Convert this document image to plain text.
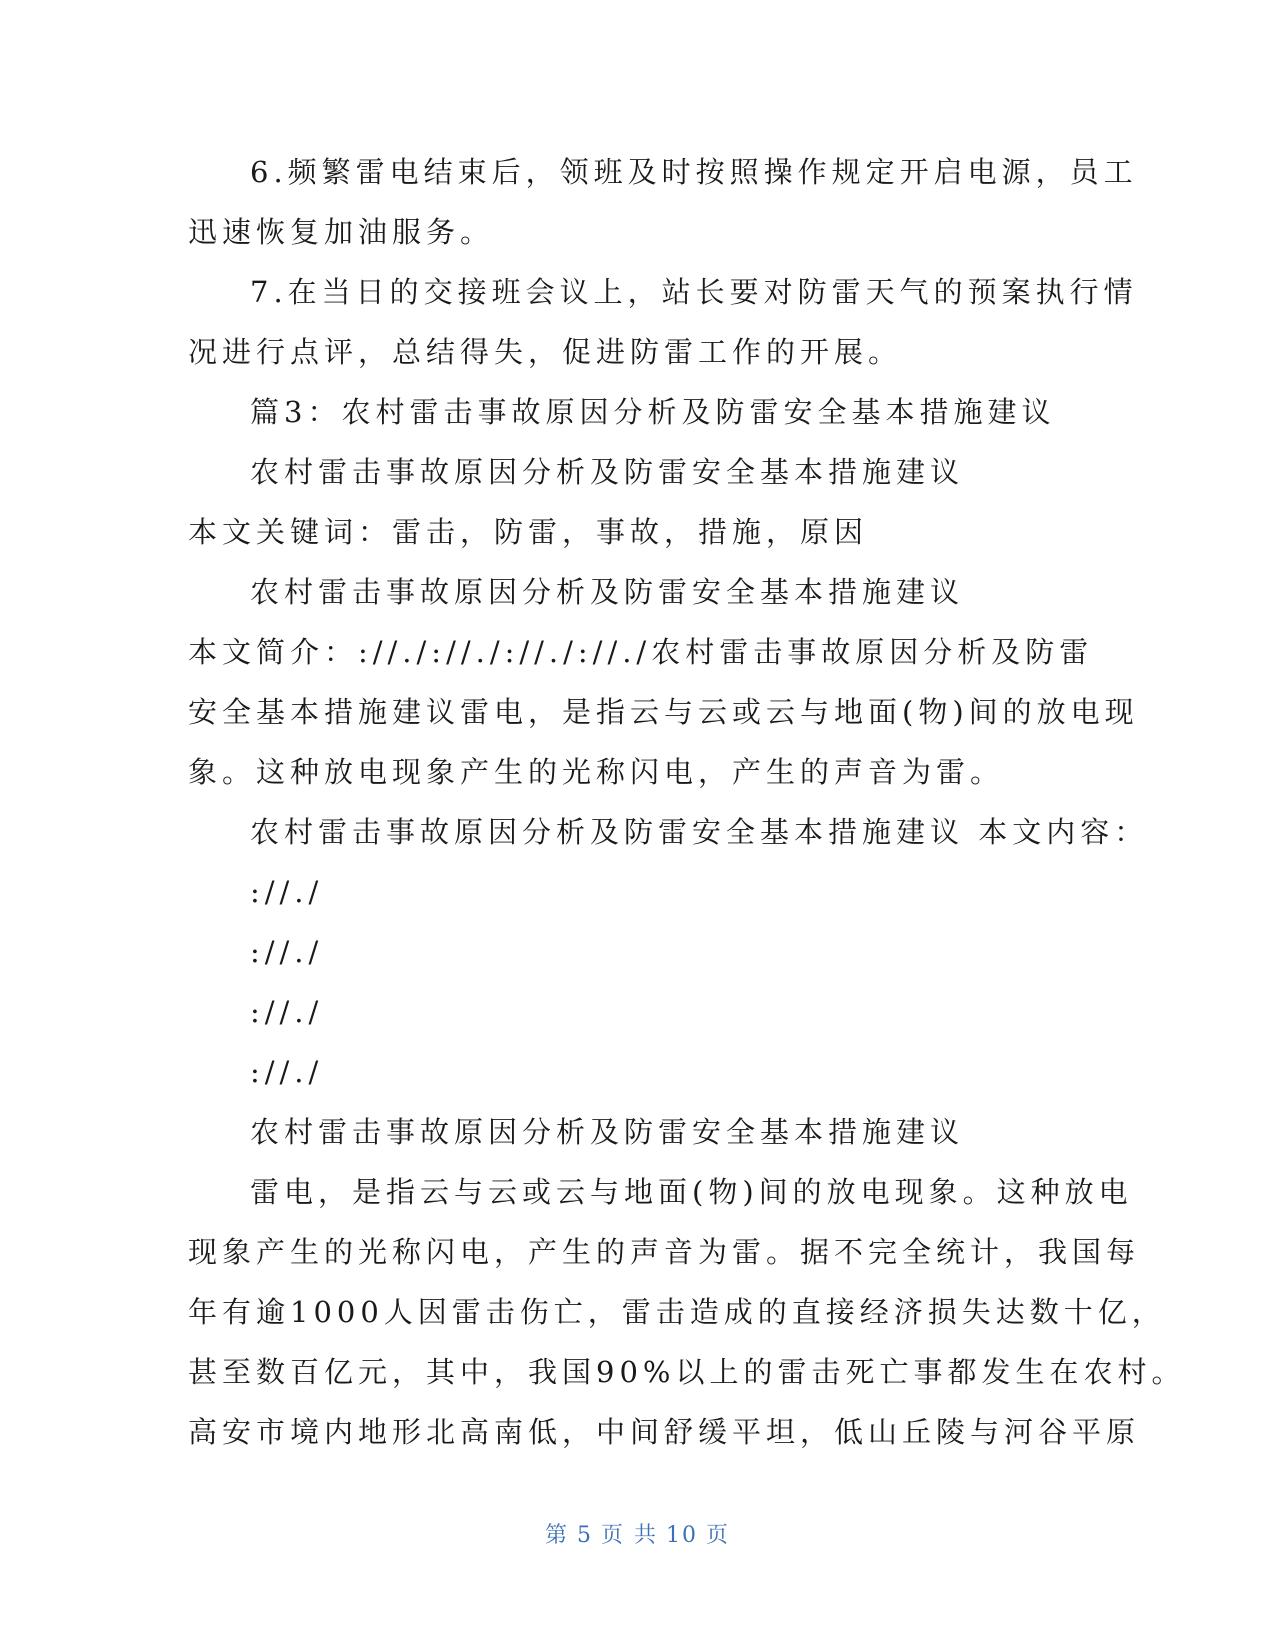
6.频繁雷电结束后，领班及时按照操作规定开启电源，员工

迅速恢复加油服务。

7.在当日的交接班会议上，站长要对防雷天气的预案执行情

况进行点评，总结得失，促进防雷工作的开展。

篇3：农村雷击事故原因分析及防雷安全基本措施建议

农村雷击事故原因分析及防雷安全基本措施建议

本文关键词：雷击，防雷，事故，措施，原因

农村雷击事故原因分析及防雷安全基本措施建议

本文简介：://./://./://./://./农村雷击事故原因分析及防雷

安全基本措施建议雷电，是指云与云或云与地面(物)间的放电现

象。这种放电现象产生的光称闪电，产生的声音为雷。

农村雷击事故原因分析及防雷安全基本措施建议 本文内容：

://./

://./

://./

://./

农村雷击事故原因分析及防雷安全基本措施建议

雷电，是指云与云或云与地面(物)间的放电现象。这种放电

现象产生的光称闪电，产生的声音为雷。据不完全统计，我国每

年有逾1000人因雷击伤亡，雷击造成的直接经济损失达数十亿，

甚至数百亿元，其中，我国90%以上的雷击死亡事都发生在农村。

高安市境内地形北高南低，中间舒缓平坦，低山丘陵与河谷平原

第 5 页 共 10 页
